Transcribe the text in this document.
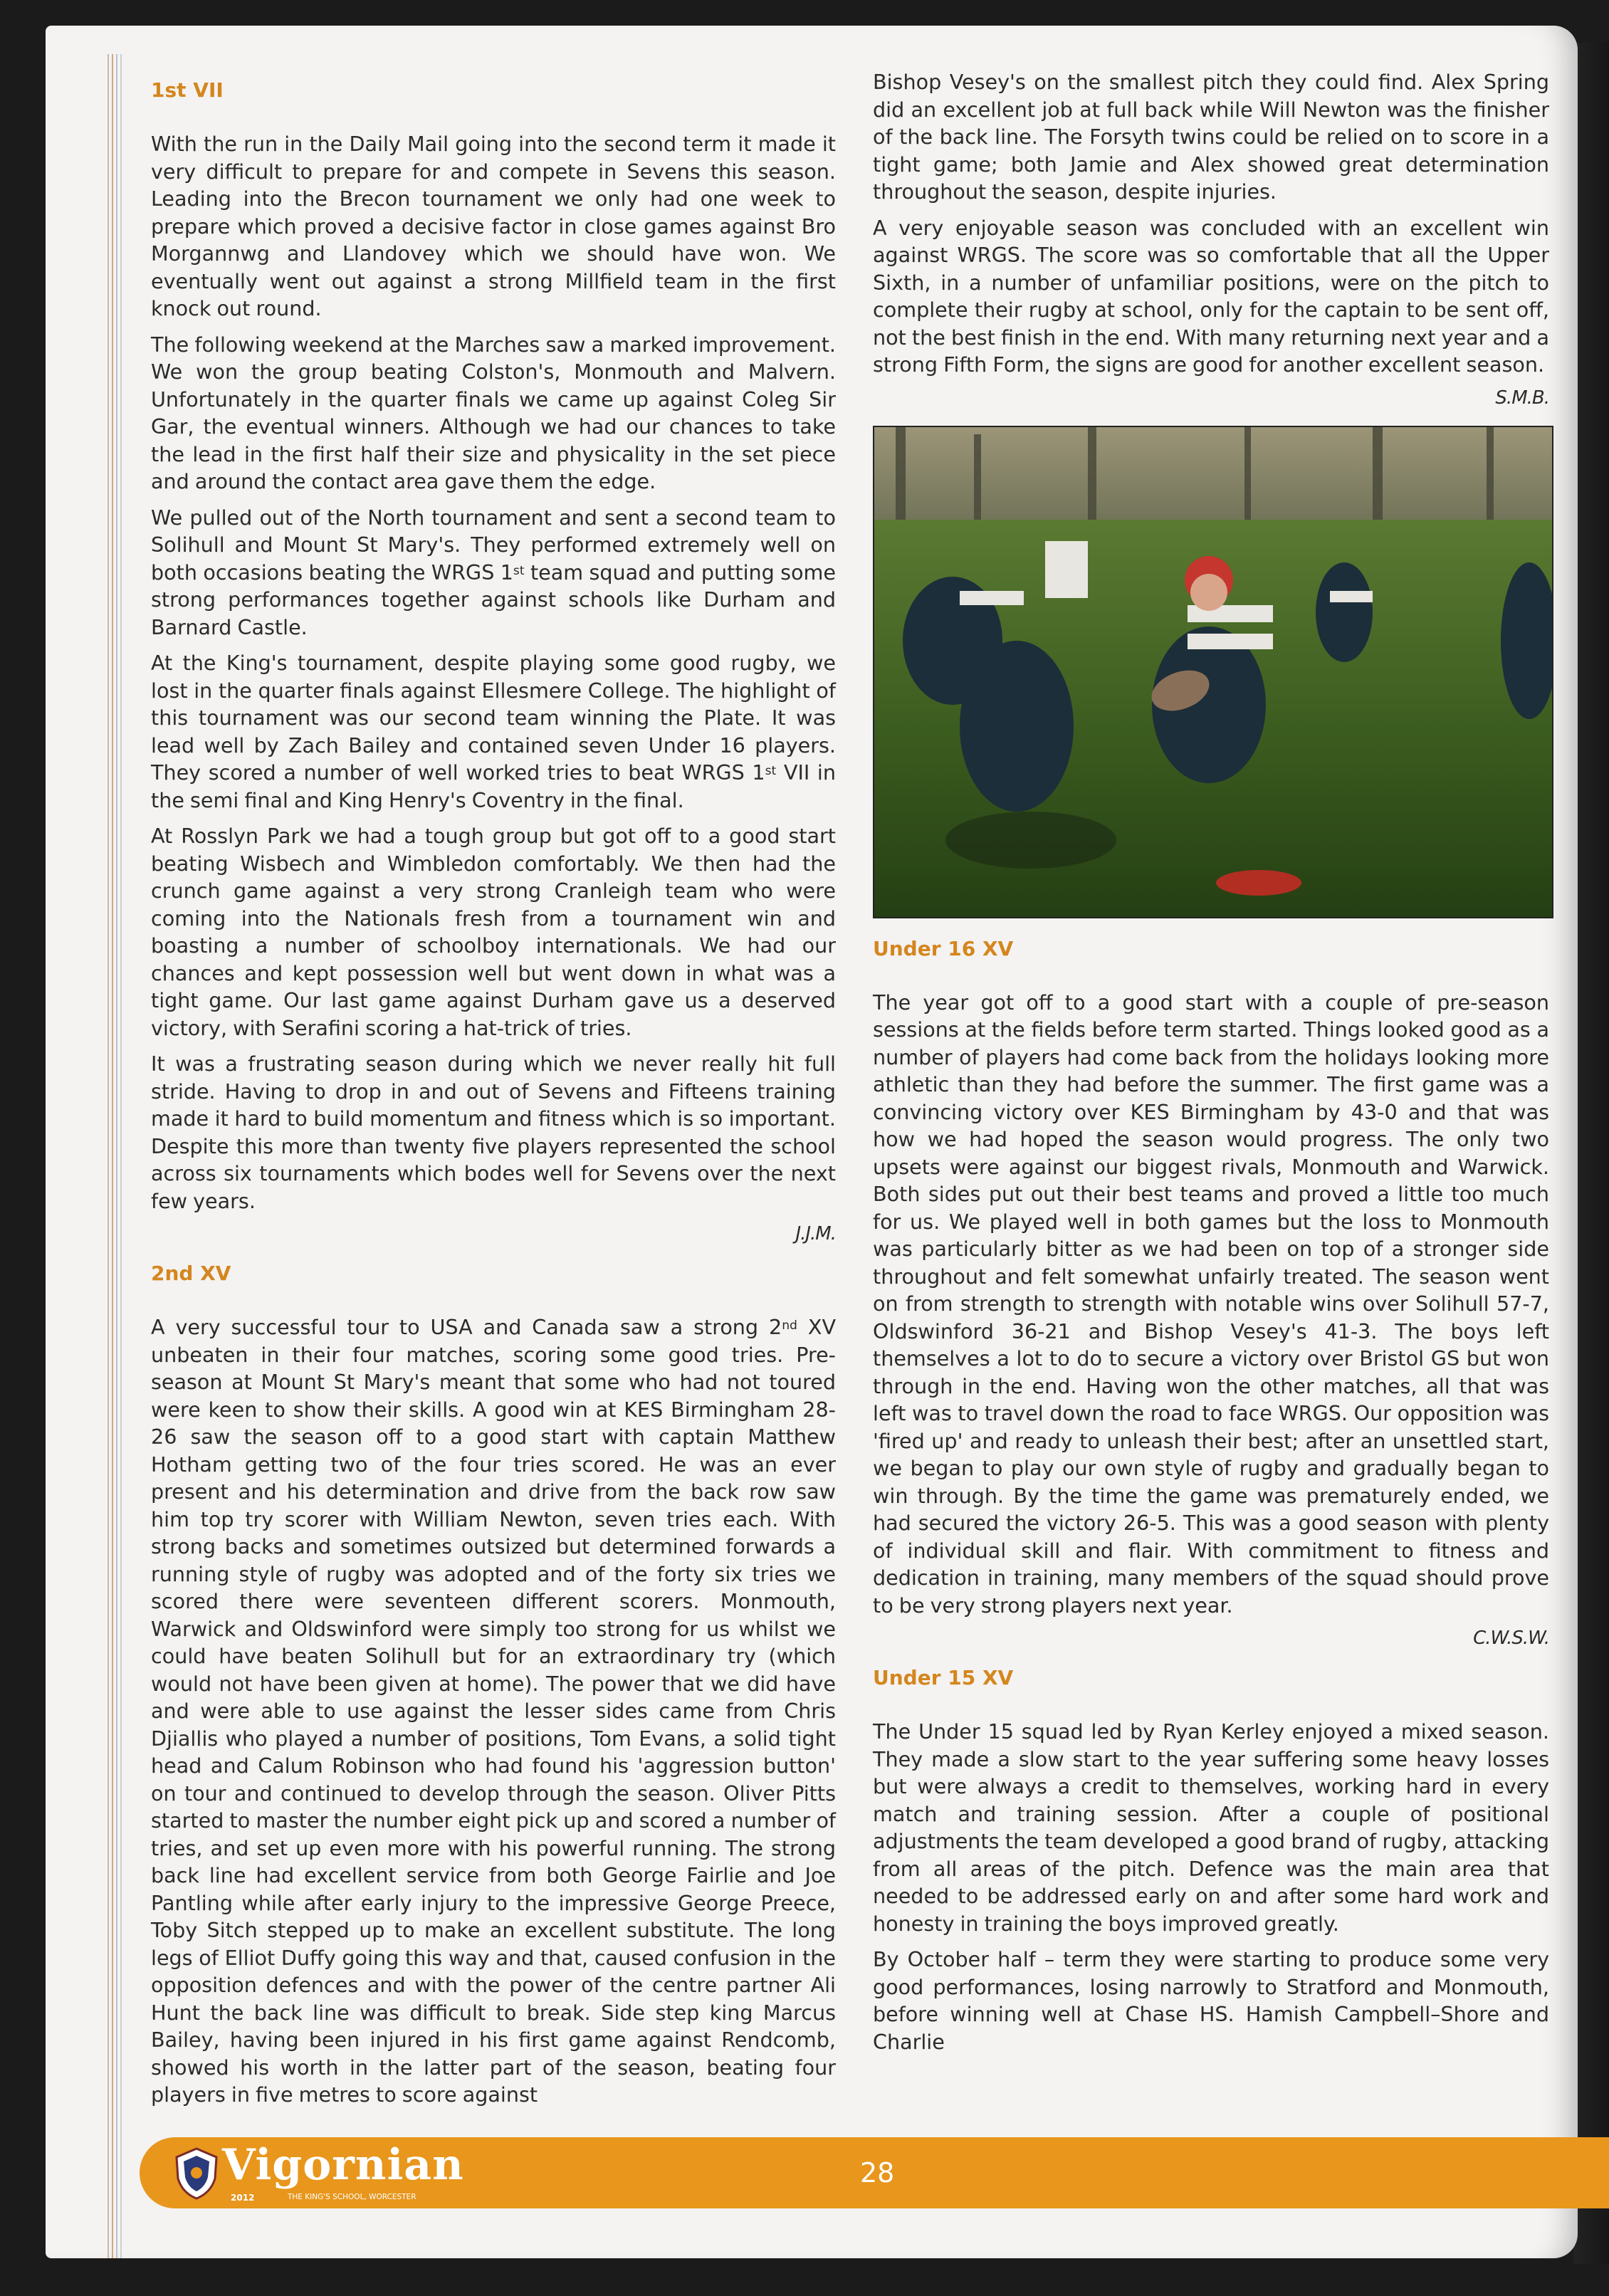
1st VII

With the run in the Daily Mail going into the second term it made it very difficult to prepare for and compete in Sevens this season. Leading into the Brecon tournament we only had one week to prepare which proved a decisive factor in close games against Bro Morgannwg and Llandovey which we should have won. We eventually went out against a strong Millfield team in the first knock out round.

The following weekend at the Marches saw a marked improvement. We won the group beating Colston's, Monmouth and Malvern. Unfortunately in the quarter finals we came up against Coleg Sir Gar, the eventual winners. Although we had our chances to take the lead in the first half their size and physicality in the set piece and around the contact area gave them the edge.

We pulled out of the North tournament and sent a second team to Solihull and Mount St Mary's. They performed extremely well on both occasions beating the WRGS 1st team squad and putting some strong performances together against schools like Durham and Barnard Castle.

At the King's tournament, despite playing some good rugby, we lost in the quarter finals against Ellesmere College. The highlight of this tournament was our second team winning the Plate. It was lead well by Zach Bailey and contained seven Under 16 players. They scored a number of well worked tries to beat WRGS 1st VII in the semi final and King Henry's Coventry in the final.

At Rosslyn Park we had a tough group but got off to a good start beating Wisbech and Wimbledon comfortably. We then had the crunch game against a very strong Cranleigh team who were coming into the Nationals fresh from a tournament win and boasting a number of schoolboy internationals. We had our chances and kept possession well but went down in what was a tight game. Our last game against Durham gave us a deserved victory, with Serafini scoring a hat-trick of tries.

It was a frustrating season during which we never really hit full stride. Having to drop in and out of Sevens and Fifteens training made it hard to build momentum and fitness which is so important. Despite this more than twenty five players represented the school across six tournaments which bodes well for Sevens over the next few years.

J.J.M.
2nd XV

A very successful tour to USA and Canada saw a strong 2nd XV unbeaten in their four matches, scoring some good tries. Pre-season at Mount St Mary's meant that some who had not toured were keen to show their skills. A good win at KES Birmingham 28-26 saw the season off to a good start with captain Matthew Hotham getting two of the four tries scored. He was an ever present and his determination and drive from the back row saw him top try scorer with William Newton, seven tries each. With strong backs and sometimes outsized but determined forwards a running style of rugby was adopted and of the forty six tries we scored there were seventeen different scorers. Monmouth, Warwick and Oldswinford were simply too strong for us whilst we could have beaten Solihull but for an extraordinary try (which would not have been given at home). The power that we did have and were able to use against the lesser sides came from Chris Djiallis who played a number of positions, Tom Evans, a solid tight head and Calum Robinson who had found his 'aggression button' on tour and continued to develop through the season. Oliver Pitts started to master the number eight pick up and scored a number of tries, and set up even more with his powerful running. The strong back line had excellent service from both George Fairlie and Joe Pantling while after early injury to the impressive George Preece, Toby Sitch stepped up to make an excellent substitute. The long legs of Elliot Duffy going this way and that, caused confusion in the opposition defences and with the power of the centre partner Ali Hunt the back line was difficult to break. Side step king Marcus Bailey, having been injured in his first game against Rendcomb, showed his worth in the latter part of the season, beating four players in five metres to score against

Bishop Vesey's on the smallest pitch they could find. Alex Spring did an excellent job at full back while Will Newton was the finisher of the back line. The Forsyth twins could be relied on to score in a tight game; both Jamie and Alex showed great determination throughout the season, despite injuries.

A very enjoyable season was concluded with an excellent win against WRGS. The score was so comfortable that all the Upper Sixth, in a number of unfamiliar positions, were on the pitch to complete their rugby at school, only for the captain to be sent off, not the best finish in the end. With many returning next year and a strong Fifth Form, the signs are good for another excellent season.

S.M.B.
Under 16 XV

The year got off to a good start with a couple of pre-season sessions at the fields before term started. Things looked good as a number of players had come back from the holidays looking more athletic than they had before the summer. The first game was a convincing victory over KES Birmingham by 43-0 and that was how we had hoped the season would progress. The only two upsets were against our biggest rivals, Monmouth and Warwick. Both sides put out their best teams and proved a little too much for us. We played well in both games but the loss to Monmouth was particularly bitter as we had been on top of a stronger side throughout and felt somewhat unfairly treated. The season went on from strength to strength with notable wins over Solihull 57-7, Oldswinford 36-21 and Bishop Vesey's 41-3. The boys left themselves a lot to do to secure a victory over Bristol GS but won through in the end. Having won the other matches, all that was left was to travel down the road to face WRGS. Our opposition was 'fired up' and ready to unleash their best; after an unsettled start, we began to play our own style of rugby and gradually began to win through. By the time the game was prematurely ended, we had secured the victory 26-5. This was a good season with plenty of individual skill and flair. With commitment to fitness and dedication in training, many members of the squad should prove to be very strong players next year.

C.W.S.W.
Under 15 XV

The Under 15 squad led by Ryan Kerley enjoyed a mixed season. They made a slow start to the year suffering some heavy losses but were always a credit to themselves, working hard in every match and training session. After a couple of positional adjustments the team developed a good brand of rugby, attacking from all areas of the pitch. Defence was the main area that needed to be addressed early on and after some hard work and honesty in training the boys improved greatly.

By October half – term they were starting to produce some very good performances, losing narrowly to Stratford and Monmouth, before winning well at Chase HS. Hamish Campbell–Shore and Charlie

Vigornian
2012	THE KING'S SCHOOL, WORCESTER
28
